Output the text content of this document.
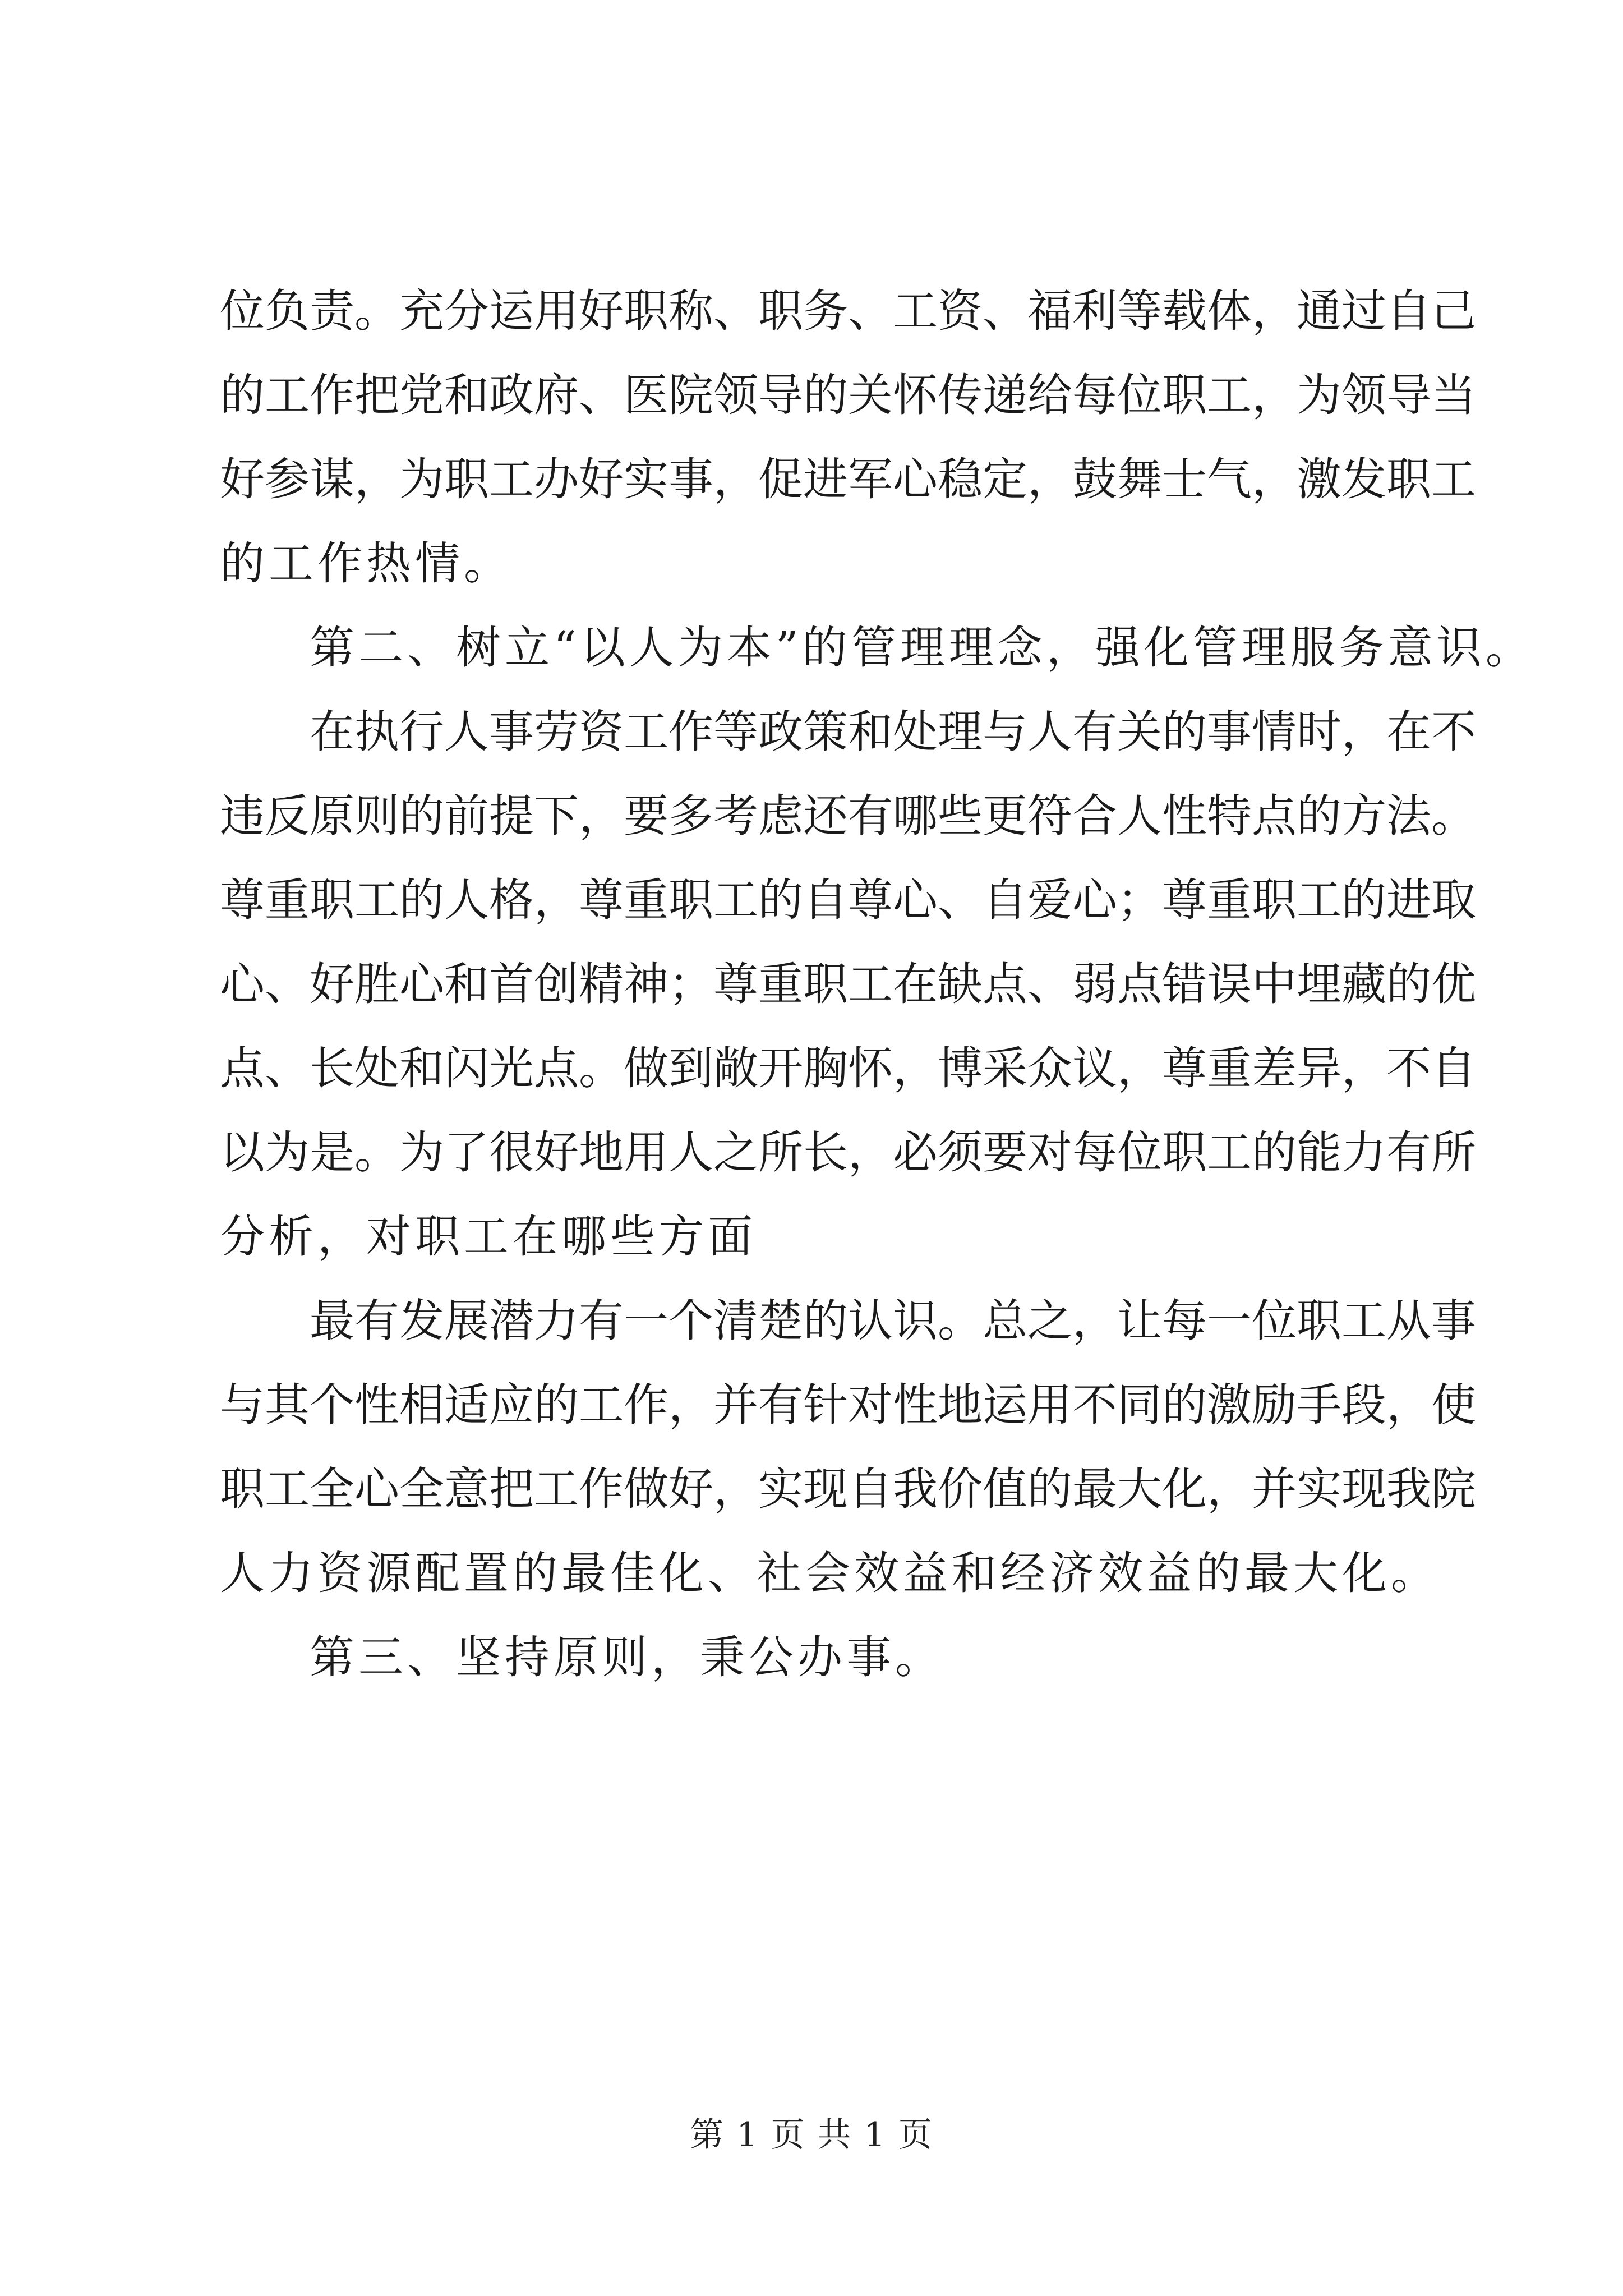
位负责。充分运用好职称、职务、工资、福利等载体，通过自己
的工作把党和政府、医院领导的关怀传递给每位职工，为领导当
好参谋，为职工办好实事，促进军心稳定，鼓舞士气，激发职工
的工作热情。
第二、树立“以人为本”的管理理念，强化管理服务意识。
在执行人事劳资工作等政策和处理与人有关的事情时，在不
违反原则的前提下，要多考虑还有哪些更符合人性特点的方法。
尊重职工的人格，尊重职工的自尊心、自爱心；尊重职工的进取
心、好胜心和首创精神；尊重职工在缺点、弱点错误中埋藏的优
点、长处和闪光点。做到敞开胸怀，博采众议，尊重差异，不自
以为是。为了很好地用人之所长，必须要对每位职工的能力有所
分析，对职工在哪些方面
最有发展潜力有一个清楚的认识。总之，让每一位职工从事
与其个性相适应的工作，并有针对性地运用不同的激励手段，使
职工全心全意把工作做好，实现自我价值的最大化，并实现我院
人力资源配置的最佳化、社会效益和经济效益的最大化。
第三、坚持原则，秉公办事。
第 1 页 共 1 页
